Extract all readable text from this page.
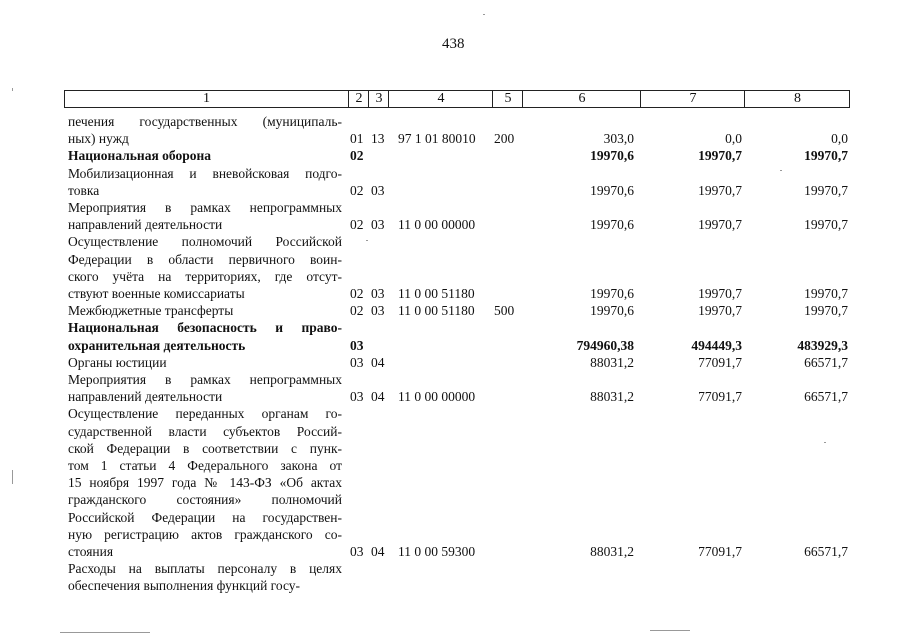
438
1	2 3	4	5	6	7	8
печения государственных (муниципаль-
ных) нужд	01 13 97 1 01 80010	200	303,0	0,0	0,0
Национальная оборона	02	19970,6	19970,7	19970,7
Мобилизационная и вневойсковая подго-
товка	02 03	19970,6	19970,7	19970,7
Мероприятия в рамках непрограммных
направлений деятельности	02 03 11 0 00 00000	19970,6	19970,7	19970,7
Осуществление полномочий Российской
Федерации в области первичного воин-
ского учёта на территориях, где отсут-
ствуют военные комиссариаты	02 03 11 0 00 51180	19970,6	19970,7	19970,7
Межбюджетные трансферты	02 03 11 0 00 51180	500	19970,6	19970,7	19970,7
Национальная безопасность и право-
охранительная деятельность	03	794960,38	494449,3	483929,3
Органы юстиции	03 04	88031,2	77091,7	66571,7
Мероприятия в рамках непрограммных
направлений деятельности	03 04 11 0 00 00000	88031,2	77091,7	66571,7
Осуществление переданных органам го-
сударственной власти субъектов Россий-
ской Федерации в соответствии с пунк-
том 1 статьи 4 Федерального закона от
15 ноября 1997 года № 143-ФЗ «Об актах
гражданского состояния» полномочий
Российской Федерации на государствен-
ную регистрацию актов гражданского со-
стояния	03 04 11 0 00 59300	88031,2	77091,7	66571,7
Расходы на выплаты персоналу в целях
обеспечения выполнения функций госу-
